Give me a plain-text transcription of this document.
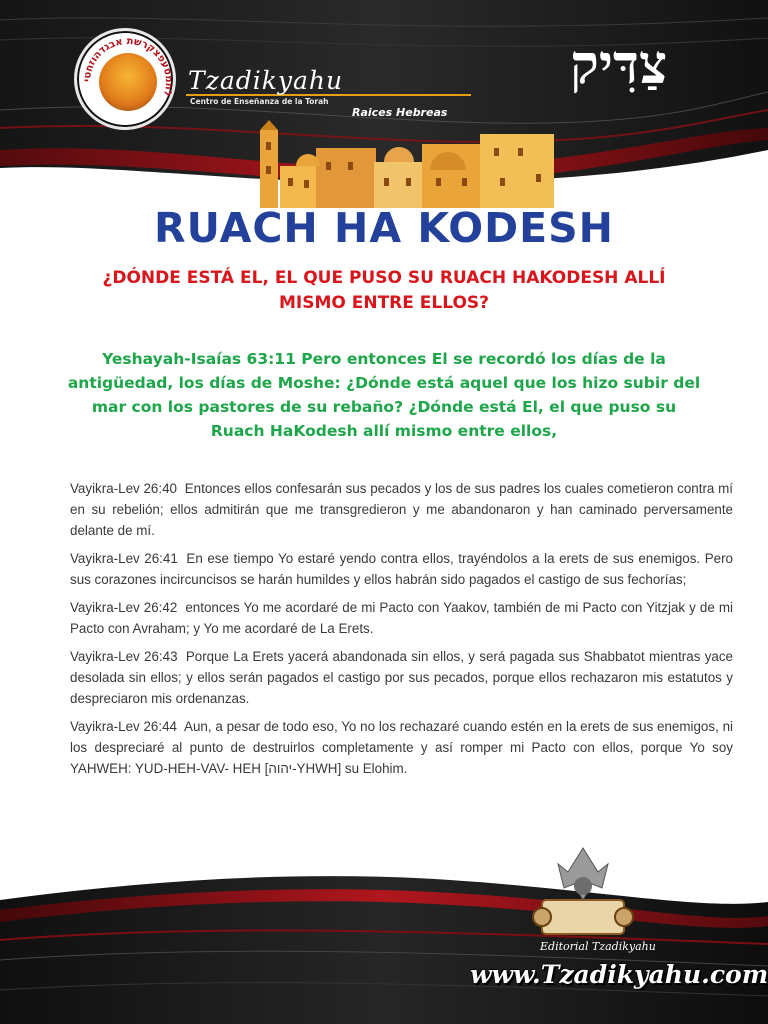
לחמסעפצקרשת אבגדהוזחטי Tzadikyahu
Centro de Enseñanza de la Torah
Raices Hebreas
צַדִּיק
RUACH HA KODESH

¿DÓNDE ESTÁ EL, EL QUE PUSO SU RUACH HAKODESH ALLÍ MISMO ENTRE ELLOS?

Yeshayah-Isaías 63:11 Pero entonces El se recordó los días de la antigüedad, los días de Moshe: ¿Dónde está aquel que los hizo subir del mar con los pastores de su rebaño? ¿Dónde está El, el que puso su Ruach HaKodesh allí mismo entre ellos,

Vayikra-Lev 26:40 Entonces ellos confesarán sus pecados y los de sus padres los cuales cometieron contra mí en su rebelión; ellos admitirán que me transgredieron y me abandonaron y han caminado perversamente delante de mí.

Vayikra-Lev 26:41 En ese tiempo Yo estaré yendo contra ellos, trayéndolos a la erets de sus enemigos. Pero sus corazones incircuncisos se harán humildes y ellos habrán sido pagados el castigo de sus fechorías;

Vayikra-Lev 26:42 entonces Yo me acordaré de mi Pacto con Yaakov, también de mi Pacto con Yitzjak y de mi Pacto con Avraham; y Yo me acordaré de La Erets.

Vayikra-Lev 26:43 Porque La Erets yacerá abandonada sin ellos, y será pagada sus Shabbatot mientras yace desolada sin ellos; y ellos serán pagados el castigo por sus pecados, porque ellos rechazaron mis estatutos y despreciaron mis ordenanzas.

Vayikra-Lev 26:44 Aun, a pesar de todo eso, Yo no los rechazaré cuando estén en la erets de sus enemigos, ni los despreciaré al punto de destruirlos completamente y así romper mi Pacto con ellos, porque Yo soy YAHWEH: YUD-HEH-VAV- HEH [יהוה-YHWH] su Elohim.

Editorial Tzadikyahu
www.Tzadikyahu.com
